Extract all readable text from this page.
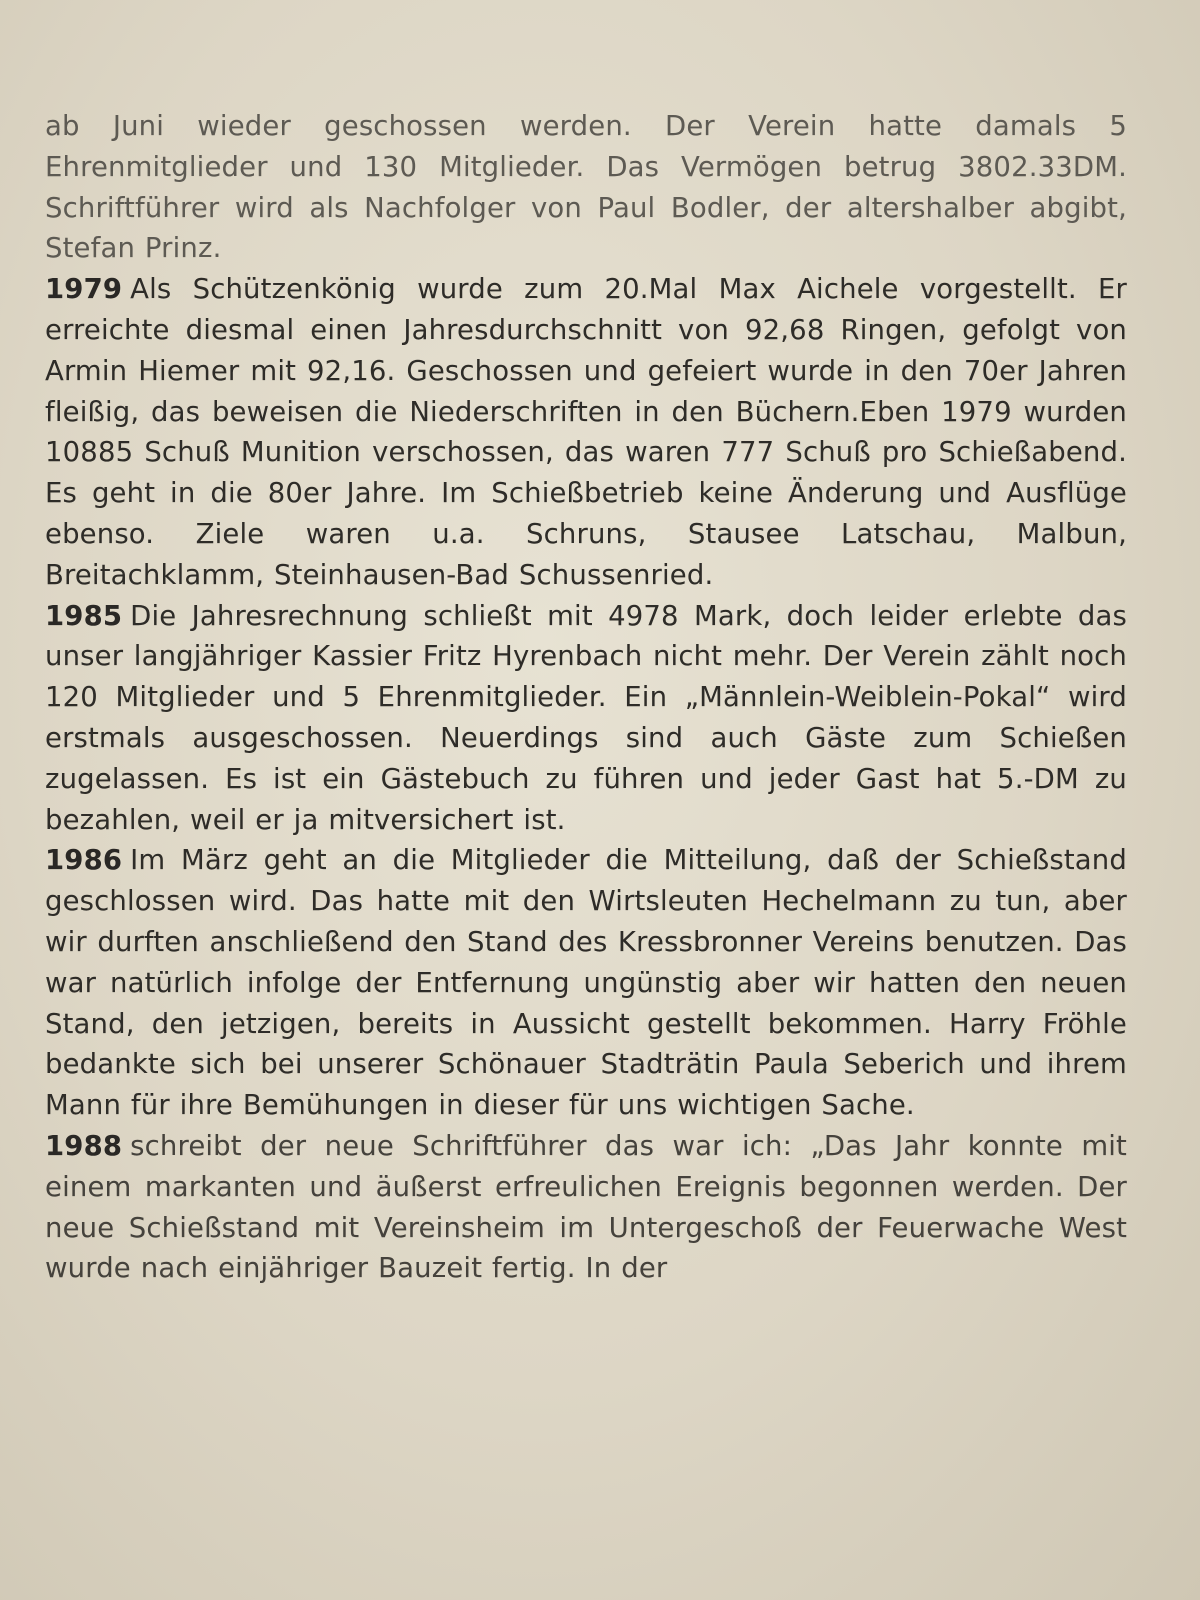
ab Juni wieder geschossen werden. Der Verein hatte damals 5 Ehrenmitglieder und 130 Mitglieder. Das Vermögen betrug 3802.33DM. Schriftführer wird als Nachfolger von Paul Bodler, der altershalber abgibt, Stefan Prinz.

1979 Als Schützenkönig wurde zum 20.Mal Max Aichele vorgestellt. Er erreichte diesmal einen Jahresdurchschnitt von 92,68 Ringen, gefolgt von Armin Hiemer mit 92,16. Geschossen und gefeiert wurde in den 70er Jahren fleißig, das beweisen die Niederschriften in den Büchern.Eben 1979 wurden 10885 Schuß Munition verschossen, das waren 777 Schuß pro Schießabend. Es geht in die 80er Jahre. Im Schießbetrieb keine Änderung und Ausflüge ebenso. Ziele waren u.a. Schruns, Stausee Latschau, Malbun, Breitachklamm, Steinhausen-Bad Schussenried.

1985 Die Jahresrechnung schließt mit 4978 Mark, doch leider erlebte das unser langjähriger Kassier Fritz Hyrenbach nicht mehr. Der Verein zählt noch 120 Mitglieder und 5 Ehrenmitglieder. Ein „Männlein-Weiblein-Pokal“ wird erstmals ausgeschossen. Neuerdings sind auch Gäste zum Schießen zugelassen. Es ist ein Gästebuch zu führen und jeder Gast hat 5.-DM zu bezahlen, weil er ja mitversichert ist.

1986 Im März geht an die Mitglieder die Mitteilung, daß der Schießstand geschlossen wird. Das hatte mit den Wirtsleuten Hechelmann zu tun, aber wir durften anschließend den Stand des Kressbronner Vereins benutzen. Das war natürlich infolge der Entfernung ungünstig aber wir hatten den neuen Stand, den jetzigen, bereits in Aussicht gestellt bekommen. Harry Fröhle bedankte sich bei unserer Schönauer Stadträtin Paula Seberich und ihrem Mann für ihre Bemühungen in dieser für uns wichtigen Sache.

1988 schreibt der neue Schriftführer das war ich: „Das Jahr konnte mit einem markanten und äußerst erfreulichen Ereignis begonnen werden. Der neue Schießstand mit Vereinsheim im Untergeschoß der Feuerwache West wurde nach einjähriger Bauzeit fertig. In der
